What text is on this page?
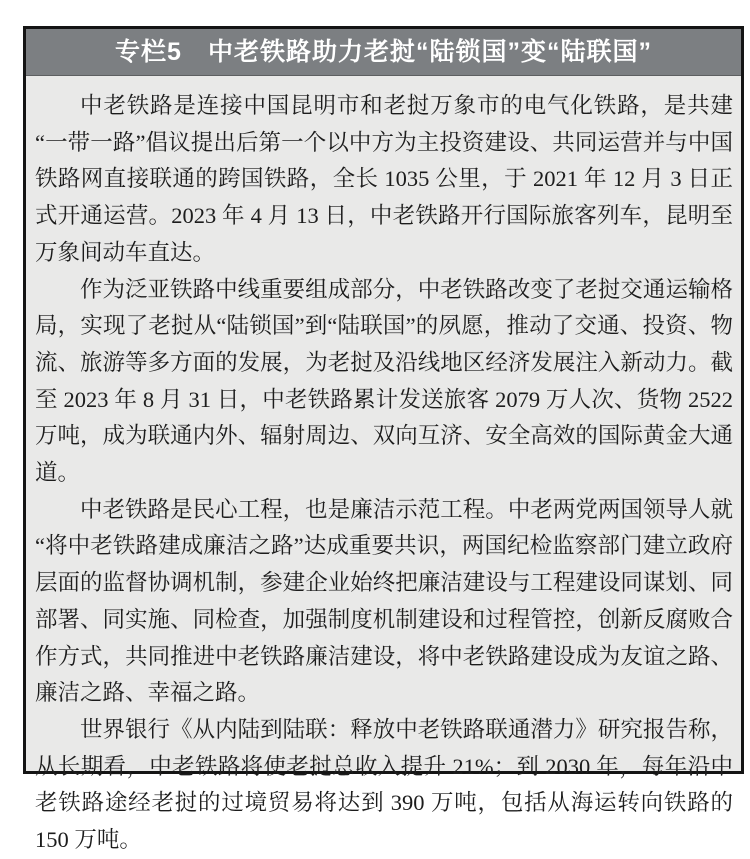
专栏5　中老铁路助力老挝“陆锁国”变“陆联国”

中老铁路是连接中国昆明市和老挝万象市的电气化铁路，是共建“一带一路”倡议提出后第一个以中方为主投资建设、共同运营并与中国铁路网直接联通的跨国铁路，全长 1035 公里，于 2021 年 12 月 3 日正式开通运营。2023 年 4 月 13 日，中老铁路开行国际旅客列车，昆明至万象间动车直达。

作为泛亚铁路中线重要组成部分，中老铁路改变了老挝交通运输格局，实现了老挝从“陆锁国”到“陆联国”的夙愿，推动了交通、投资、物流、旅游等多方面的发展，为老挝及沿线地区经济发展注入新动力。截至 2023 年 8 月 31 日，中老铁路累计发送旅客 2079 万人次、货物 2522 万吨，成为联通内外、辐射周边、双向互济、安全高效的国际黄金大通道。

中老铁路是民心工程，也是廉洁示范工程。中老两党两国领导人就“将中老铁路建成廉洁之路”达成重要共识，两国纪检监察部门建立政府层面的监督协调机制，参建企业始终把廉洁建设与工程建设同谋划、同部署、同实施、同检查，加强制度机制建设和过程管控，创新反腐败合作方式，共同推进中老铁路廉洁建设，将中老铁路建设成为友谊之路、廉洁之路、幸福之路。

世界银行《从内陆到陆联：释放中老铁路联通潜力》研究报告称，从长期看，中老铁路将使老挝总收入提升 21%；到 2030 年，每年沿中老铁路途经老挝的过境贸易将达到 390 万吨，包括从海运转向铁路的 150 万吨。
